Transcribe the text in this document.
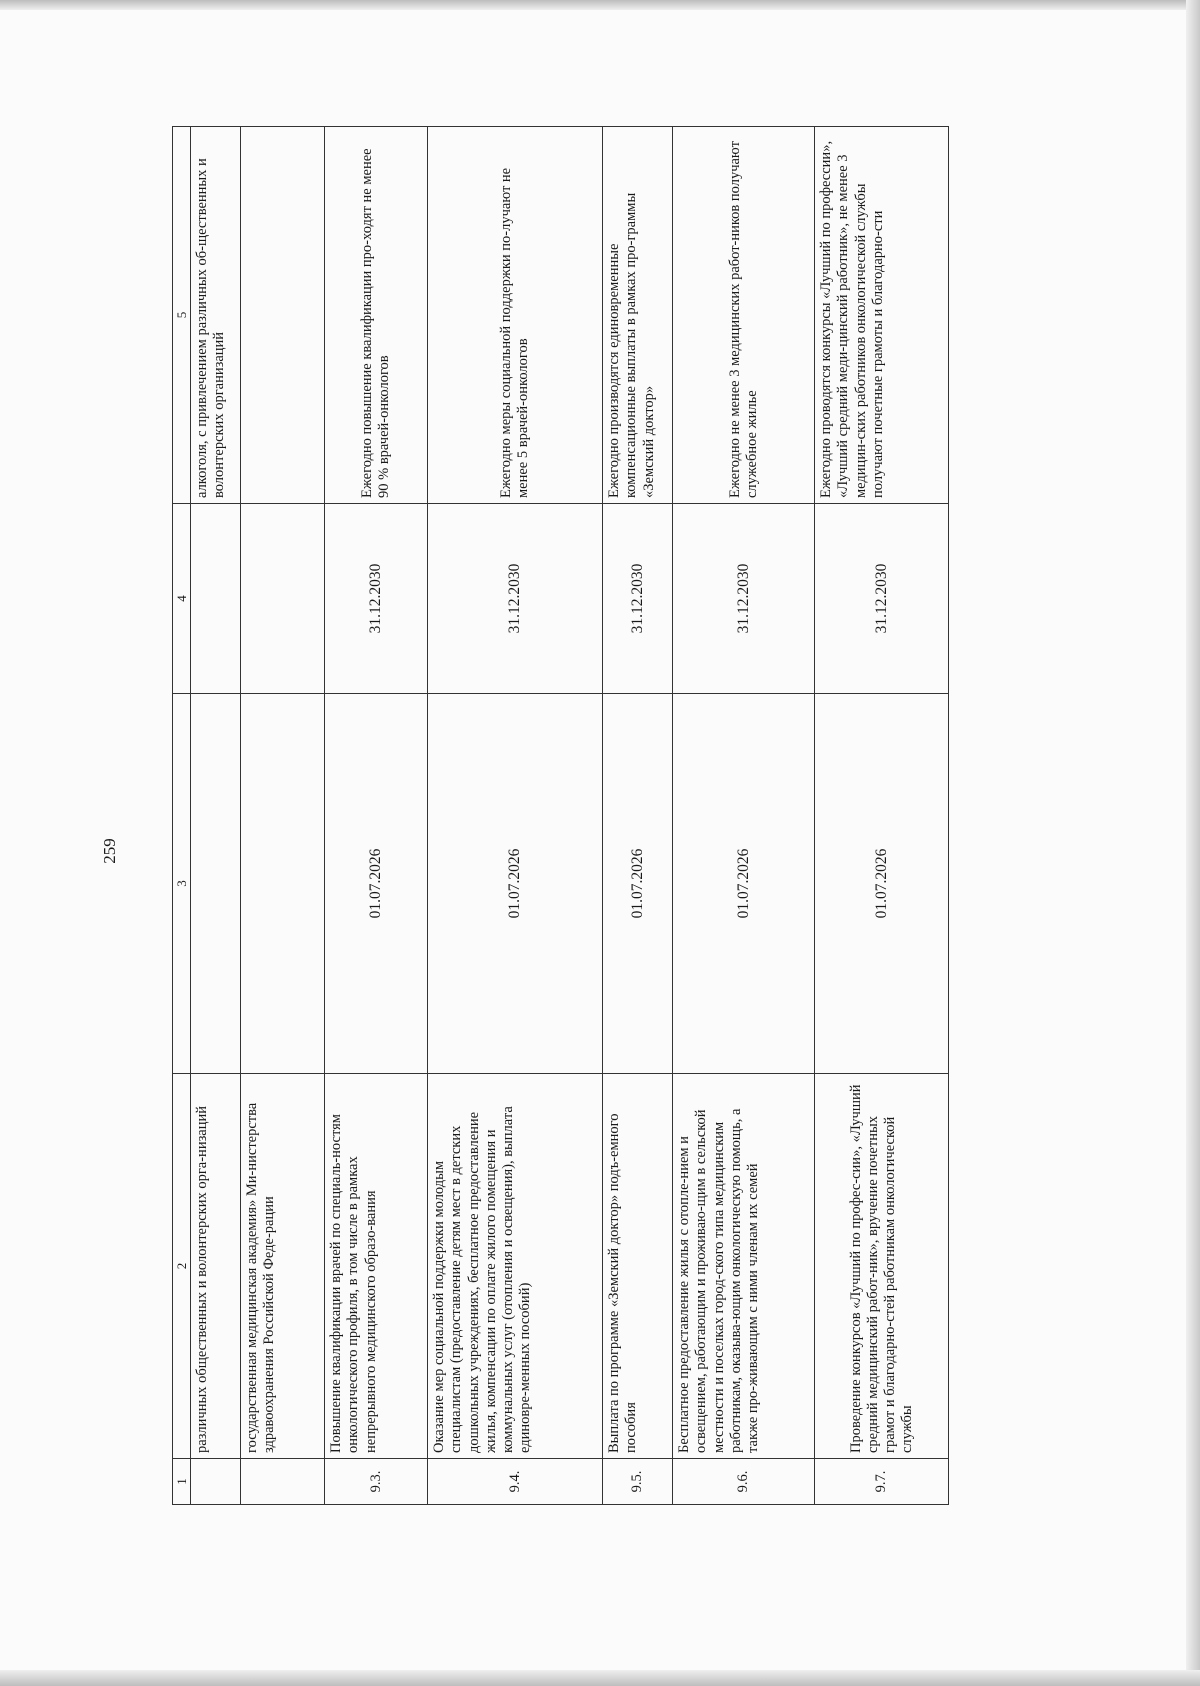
259
1	2	3	4	5
	различных общественных и волонтерских орга-низаций			алкоголя, с привлечением различных об-щественных и волонтерских организаций
	государственная медицинская академия» Ми-нистерства здравоохранения Российской Феде-рации			
9.3.	Повышение квалификации врачей по специаль-ностям онкологического профиля, в том числе в рамках непрерывного медицинского образо-вания	01.07.2026	31.12.2030	Ежегодно повышение квалификации про-ходят не менее 90 % врачей-онкологов
9.4.	Оказание мер социальной поддержки молодым специалистам (предоставление детям мест в детских дошкольных учреждениях, бесплатное предоставление жилья, компенсации по оплате жилого помещения и коммунальных услуг (отопления и освещения), выплата единовре-менных пособий)	01.07.2026	31.12.2030	Ежегодно меры социальной поддержки по-лучают не менее 5 врачей-онкологов
9.5.	Выплата по программе «Земский доктор» подъ-емного пособия	01.07.2026	31.12.2030	Ежегодно производятся единовременные компенсационные выплаты в рамках про-граммы «Земский доктор»
9.6.	Бесплатное предоставление жилья с отопле-нием и освещением, работающим и проживаю-щим в сельской местности и поселках город-ского типа медицинским работникам, оказыва-ющим онкологическую помощь, а также про-живающим с ними членам их семей	01.07.2026	31.12.2030	Ежегодно не менее 3 медицинских работ-ников получают служебное жилье
9.7.	Проведение конкурсов «Лучший по профес-сии», «Лучший средний медицинский работ-ник», вручение почетных грамот и благодарно-стей работникам онкологической службы	01.07.2026	31.12.2030	Ежегодно проводятся конкурсы «Лучший по профессии», «Лучший средний меди-цинский работник», не менее 3 медицин-ских работников онкологической службы получают почетные грамоты и благодарно-сти
